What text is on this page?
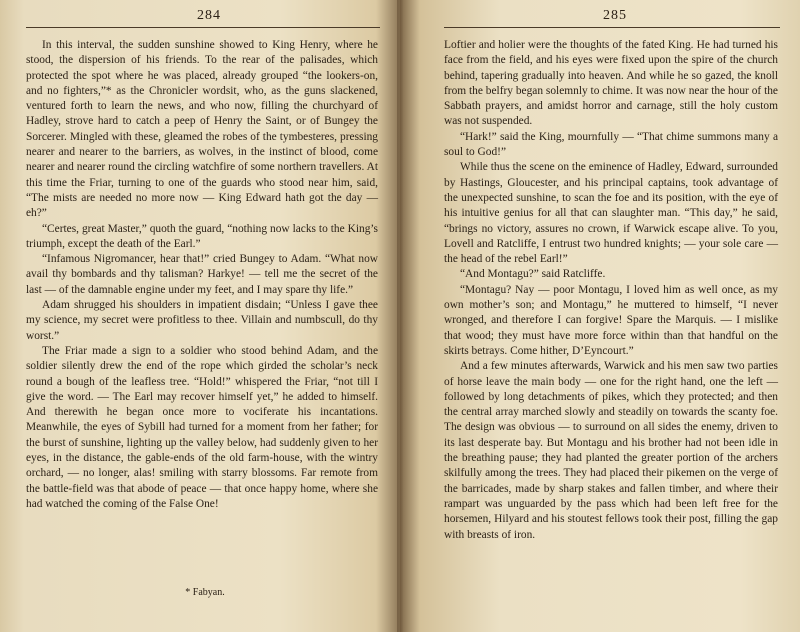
284

In this interval, the sudden sunshine showed to King Henry, where he stood, the dispersion of his friends. To the rear of the palisades, which protected the spot where he was placed, already grouped “the lookers-on, and no fighters,”* as the Chronicler wordsit, who, as the guns slackened, ventured forth to learn the news, and who now, filling the churchyard of Hadley, strove hard to catch a peep of Henry the Saint, or of Bungey the Sorcerer. Mingled with these, gleamed the robes of the tymbesteres, pressing nearer and nearer to the barriers, as wolves, in the instinct of blood, come nearer and nearer round the circling watchfire of some northern travellers. At this time the Friar, turning to one of the guards who stood near him, said, “The mists are needed no more now — King Edward hath got the day — eh?”

“Certes, great Master,” quoth the guard, “nothing now lacks to the King’s triumph, except the death of the Earl.”

“Infamous Nigromancer, hear that!” cried Bungey to Adam. “What now avail thy bombards and thy talisman? Harkye! — tell me the secret of the last — of the damnable engine under my feet, and I may spare thy life.”

Adam shrugged his shoulders in impatient disdain; “Unless I gave thee my science, my secret were profitless to thee. Villain and numbscull, do thy worst.”

The Friar made a sign to a soldier who stood behind Adam, and the soldier silently drew the end of the rope which girded the scholar’s neck round a bough of the leafless tree. “Hold!” whispered the Friar, “not till I give the word. — The Earl may recover himself yet,” he added to himself. And therewith he began once more to vociferate his incantations. Meanwhile, the eyes of Sybill had turned for a moment from her father; for the burst of sunshine, lighting up the valley below, had suddenly given to her eyes, in the distance, the gable-ends of the old farm-house, with the wintry orchard, — no longer, alas! smiling with starry blossoms. Far remote from the battle-field was that abode of peace — that once happy home, where she had watched the coming of the False One!

* Fabyan.
285

Loftier and holier were the thoughts of the fated King. He had turned his face from the field, and his eyes were fixed upon the spire of the church behind, tapering gradually into heaven. And while he so gazed, the knoll from the belfry began solemnly to chime. It was now near the hour of the Sabbath prayers, and amidst horror and carnage, still the holy custom was not suspended.

“Hark!” said the King, mournfully — “That chime summons many a soul to God!”

While thus the scene on the eminence of Hadley, Edward, surrounded by Hastings, Gloucester, and his principal captains, took advantage of the unexpected sunshine, to scan the foe and its position, with the eye of his intuitive genius for all that can slaughter man. “This day,” he said, “brings no victory, assures no crown, if Warwick escape alive. To you, Lovell and Ratcliffe, I entrust two hundred knights; — your sole care — the head of the rebel Earl!”

“And Montagu?” said Ratcliffe.

“Montagu? Nay — poor Montagu, I loved him as well once, as my own mother’s son; and Montagu,” he muttered to himself, “I never wronged, and therefore I can forgive! Spare the Marquis. — I mislike that wood; they must have more force within than that handful on the skirts betrays. Come hither, D’Eyncourt.”

And a few minutes afterwards, Warwick and his men saw two parties of horse leave the main body — one for the right hand, one the left — followed by long detachments of pikes, which they protected; and then the central array marched slowly and steadily on towards the scanty foe. The design was obvious — to surround on all sides the enemy, driven to its last desperate bay. But Montagu and his brother had not been idle in the breathing pause; they had planted the greater portion of the archers skilfully among the trees. They had placed their pikemen on the verge of the barricades, made by sharp stakes and fallen timber, and where their rampart was unguarded by the pass which had been left free for the horsemen, Hilyard and his stoutest fellows took their post, filling the gap with breasts of iron.
